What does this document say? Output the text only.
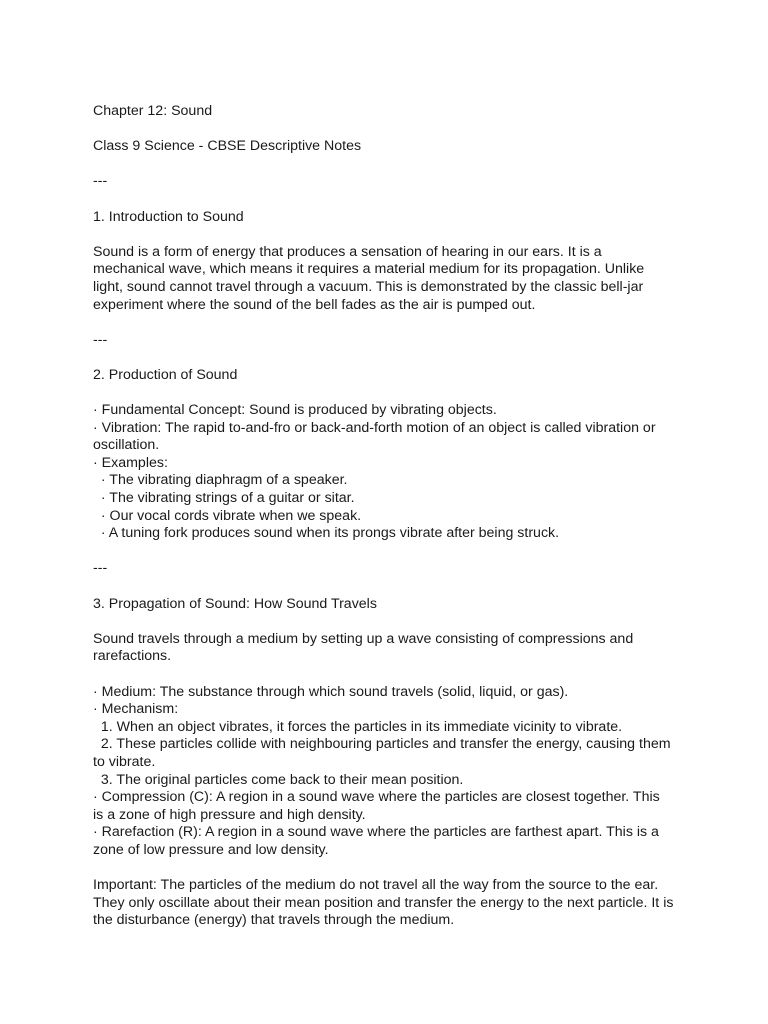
Chapter 12: Sound

Class 9 Science - CBSE Descriptive Notes

---

1. Introduction to Sound

Sound is a form of energy that produces a sensation of hearing in our ears. It is a

mechanical wave, which means it requires a material medium for its propagation. Unlike

light, sound cannot travel through a vacuum. This is demonstrated by the classic bell-jar

experiment where the sound of the bell fades as the air is pumped out.

---

2. Production of Sound

· Fundamental Concept: Sound is produced by vibrating objects.

· Vibration: The rapid to-and-fro or back-and-forth motion of an object is called vibration or

oscillation.

· Examples:

· The vibrating diaphragm of a speaker.

· The vibrating strings of a guitar or sitar.

· Our vocal cords vibrate when we speak.

· A tuning fork produces sound when its prongs vibrate after being struck.

---

3. Propagation of Sound: How Sound Travels

Sound travels through a medium by setting up a wave consisting of compressions and

rarefactions.

· Medium: The substance through which sound travels (solid, liquid, or gas).

· Mechanism:

1. When an object vibrates, it forces the particles in its immediate vicinity to vibrate.

2. These particles collide with neighbouring particles and transfer the energy, causing them

to vibrate.

3. The original particles come back to their mean position.

· Compression (C): A region in a sound wave where the particles are closest together. This

is a zone of high pressure and high density.

· Rarefaction (R): A region in a sound wave where the particles are farthest apart. This is a

zone of low pressure and low density.

Important: The particles of the medium do not travel all the way from the source to the ear.

They only oscillate about their mean position and transfer the energy to the next particle. It is

the disturbance (energy) that travels through the medium.
